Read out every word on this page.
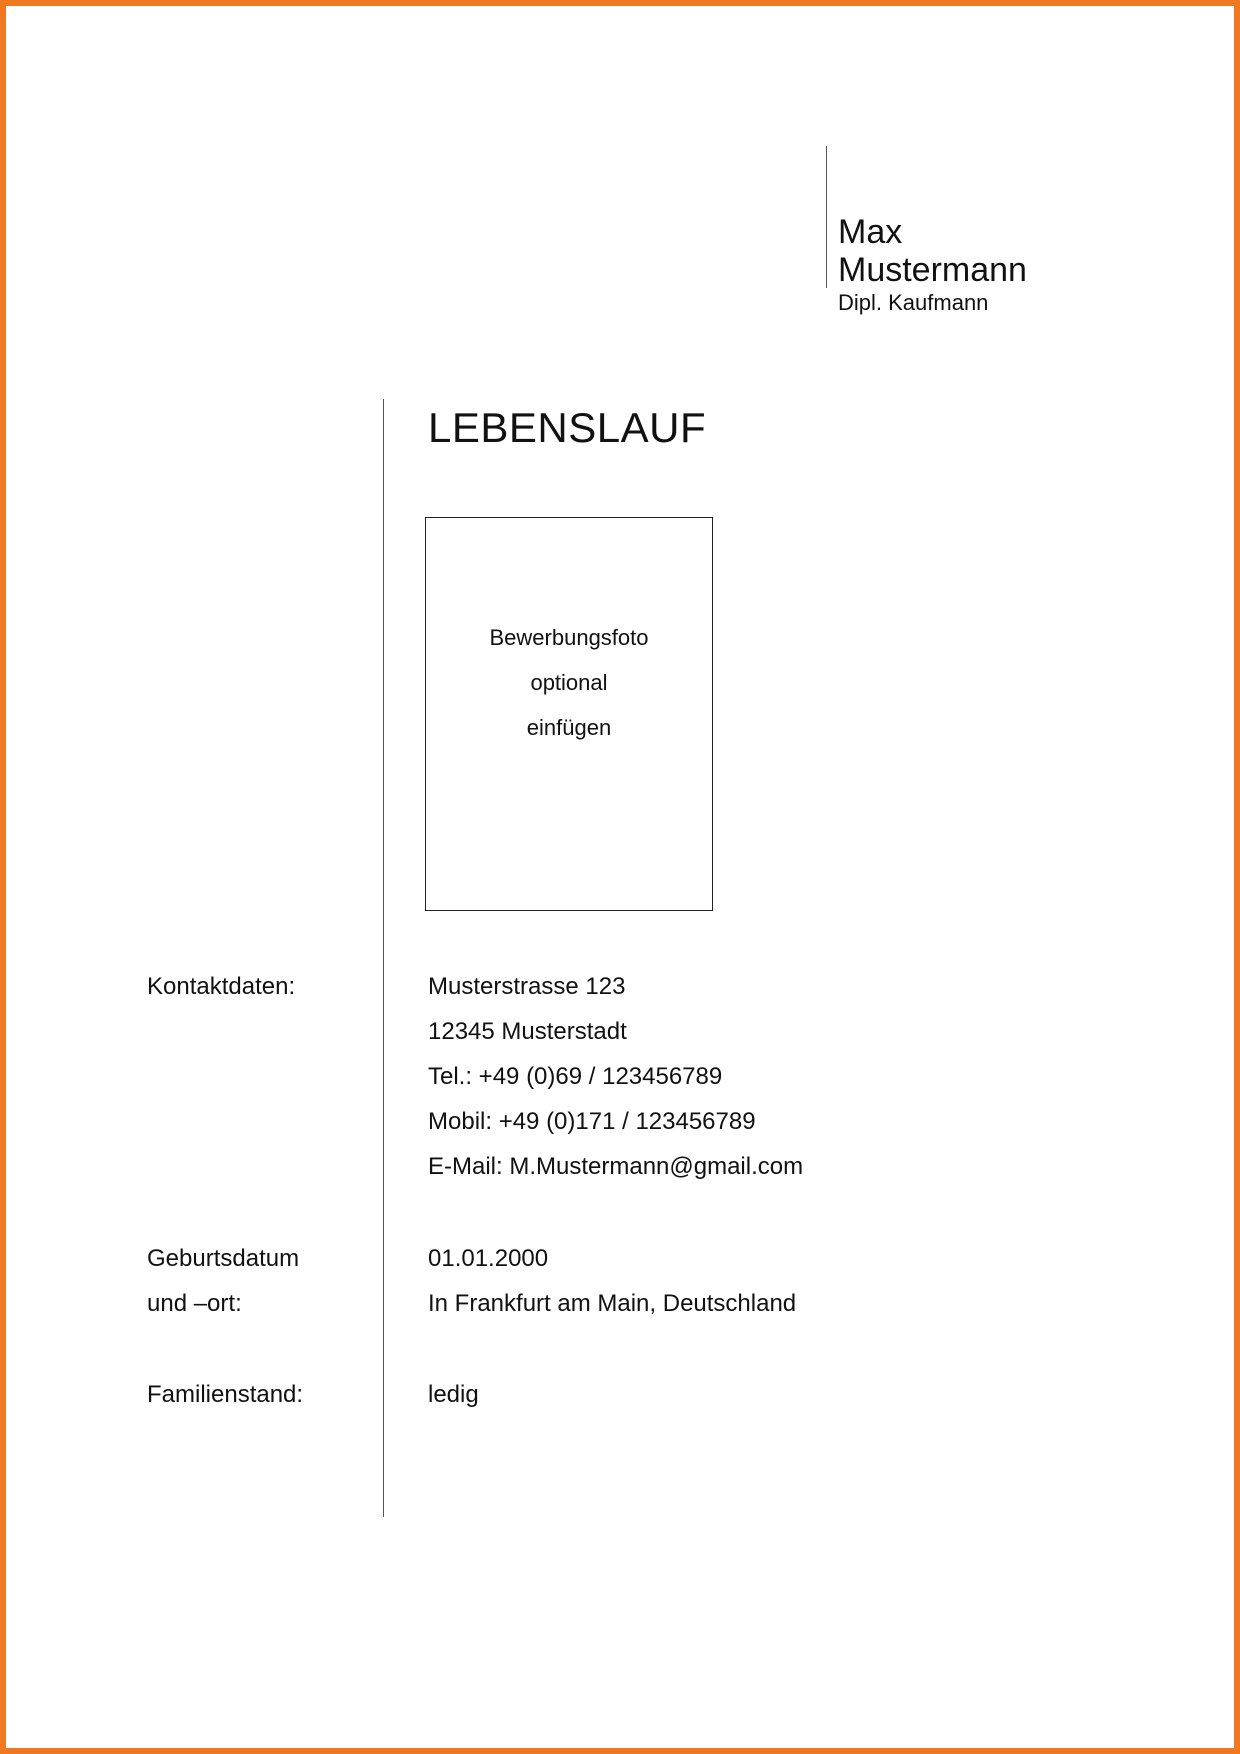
Max
Mustermann
Dipl. Kaufmann
LEBENSLAUF
Bewerbungsfoto
optional
einfügen
Kontaktdaten:	Musterstrasse 123
12345 Musterstadt
Tel.: +49 (0)69 / 123456789
Mobil: +49 (0)171 / 123456789
E-Mail: M.Mustermann@gmail.com
Geburtsdatum
und –ort:
01.01.2000
In Frankfurt am Main, Deutschland
Familienstand:	ledig
